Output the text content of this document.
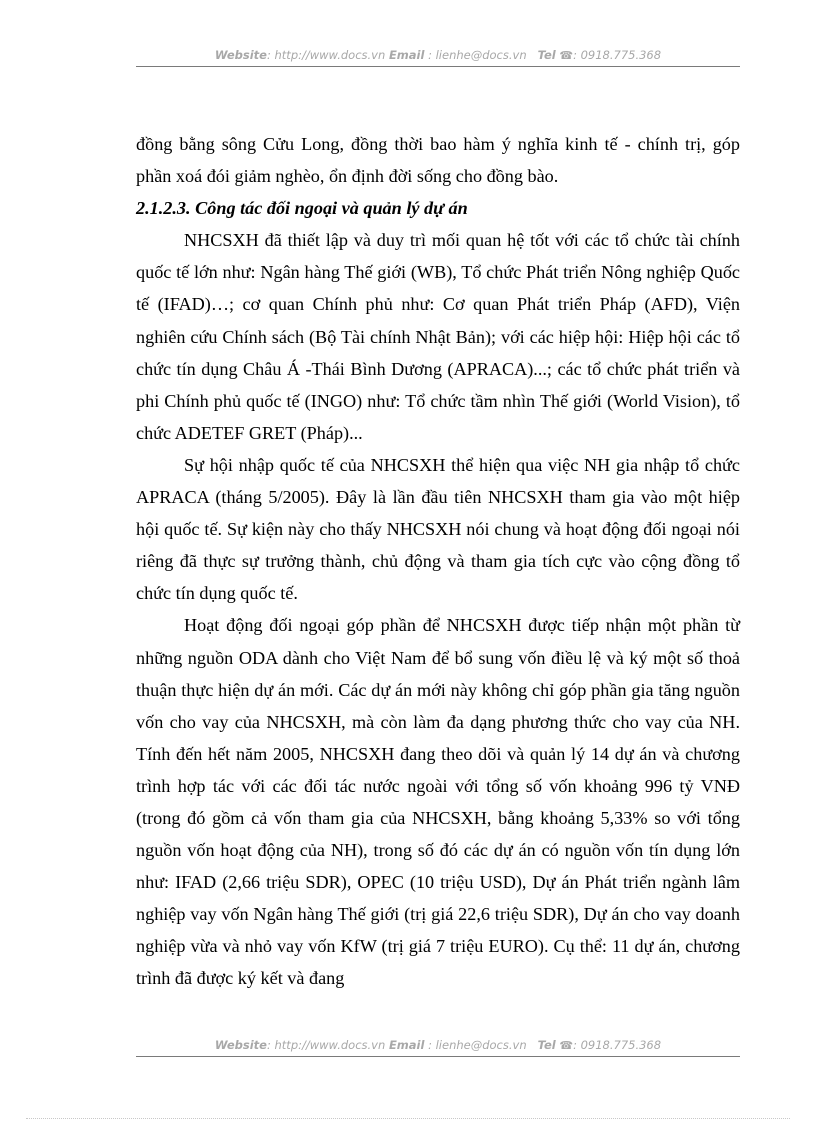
Website: http://www.docs.vn Email : lienhe@docs.vn Tel ☎: 0918.775.368

đồng bằng sông Cửu Long, đồng thời bao hàm ý nghĩa kinh tế - chính trị, góp phần xoá đói giảm nghèo, ổn định đời sống cho đồng bào.

2.1.2.3. Công tác đối ngoại và quản lý dự án

NHCSXH đã thiết lập và duy trì mối quan hệ tốt với các tổ chức tài chính quốc tế lớn như: Ngân hàng Thế giới (WB), Tổ chức Phát triển Nông nghiệp Quốc tế (IFAD)…; cơ quan Chính phủ như: Cơ quan Phát triển Pháp (AFD), Viện nghiên cứu Chính sách (Bộ Tài chính Nhật Bản); với các hiệp hội: Hiệp hội các tổ chức tín dụng Châu Á -Thái Bình Dương (APRACA)...; các tổ chức phát triển và phi Chính phủ quốc tế (INGO) như: Tổ chức tầm nhìn Thế giới (World Vision), tổ chức ADETEF GRET (Pháp)...

Sự hội nhập quốc tế của NHCSXH thể hiện qua việc NH gia nhập tổ chức APRACA (tháng 5/2005). Đây là lần đầu tiên NHCSXH tham gia vào một hiệp hội quốc tế. Sự kiện này cho thấy NHCSXH nói chung và hoạt động đối ngoại nói riêng đã thực sự trưởng thành, chủ động và tham gia tích cực vào cộng đồng tổ chức tín dụng quốc tế.

Hoạt động đối ngoại góp phần để NHCSXH được tiếp nhận một phần từ những nguồn ODA dành cho Việt Nam để bổ sung vốn điều lệ và ký một số thoả thuận thực hiện dự án mới. Các dự án mới này không chỉ góp phần gia tăng nguồn vốn cho vay của NHCSXH, mà còn làm đa dạng phương thức cho vay của NH. Tính đến hết năm 2005, NHCSXH đang theo dõi và quản lý 14 dự án và chương trình hợp tác với các đối tác nước ngoài với tổng số vốn khoảng 996 tỷ VNĐ (trong đó gồm cả vốn tham gia của NHCSXH, bằng khoảng 5,33% so với tổng nguồn vốn hoạt động của NH), trong số đó các dự án có nguồn vốn tín dụng lớn như: IFAD (2,66 triệu SDR), OPEC (10 triệu USD), Dự án Phát triển ngành lâm nghiệp vay vốn Ngân hàng Thế giới (trị giá 22,6 triệu SDR), Dự án cho vay doanh nghiệp vừa và nhỏ vay vốn KfW (trị giá 7 triệu EURO). Cụ thể: 11 dự án, chương trình đã được ký kết và đang

Website: http://www.docs.vn Email : lienhe@docs.vn Tel ☎: 0918.775.368
